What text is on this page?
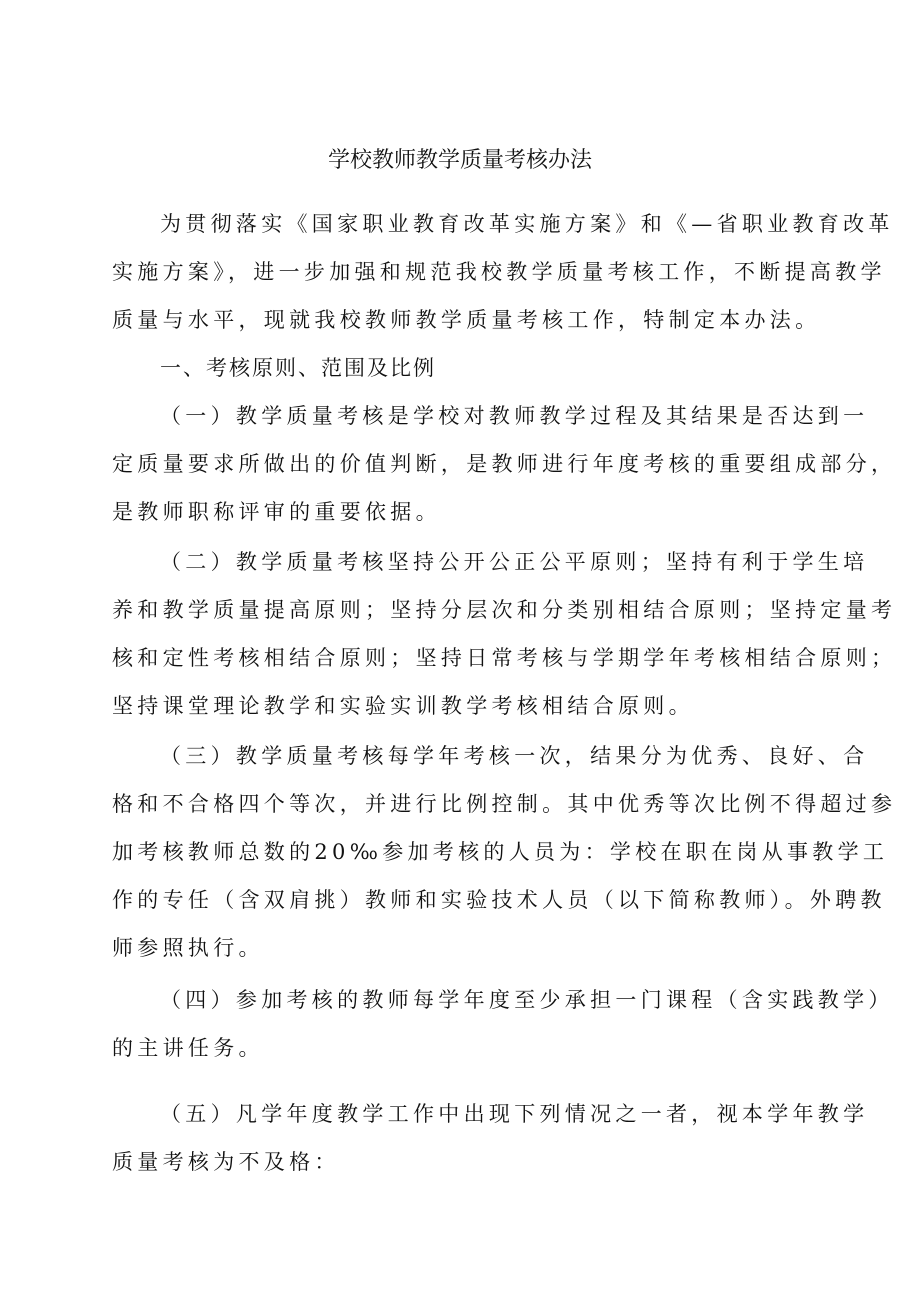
学校教师教学质量考核办法
为贯彻落实《国家职业教育改革实施方案》和《—省职业教育改革
实施方案》，进一步加强和规范我校教学质量考核工作，不断提高教学
质量与水平，现就我校教师教学质量考核工作，特制定本办法。
一、考核原则、范围及比例
（一）教学质量考核是学校对教师教学过程及其结果是否达到一
定质量要求所做出的价值判断，是教师进行年度考核的重要组成部分，
是教师职称评审的重要依据。
（二）教学质量考核坚持公开公正公平原则；坚持有利于学生培
养和教学质量提高原则；坚持分层次和分类别相结合原则；坚持定量考
核和定性考核相结合原则；坚持日常考核与学期学年考核相结合原则；
坚持课堂理论教学和实验实训教学考核相结合原则。
（三）教学质量考核每学年考核一次，结果分为优秀、良好、合
格和不合格四个等次，并进行比例控制。其中优秀等次比例不得超过参
加考核教师总数的20‰参加考核的人员为：学校在职在岗从事教学工
作的专任（含双肩挑）教师和实验技术人员（以下简称教师）。外聘教
师参照执行。
（四）参加考核的教师每学年度至少承担一门课程（含实践教学）
的主讲任务。
（五）凡学年度教学工作中出现下列情况之一者，视本学年教学
质量考核为不及格：
